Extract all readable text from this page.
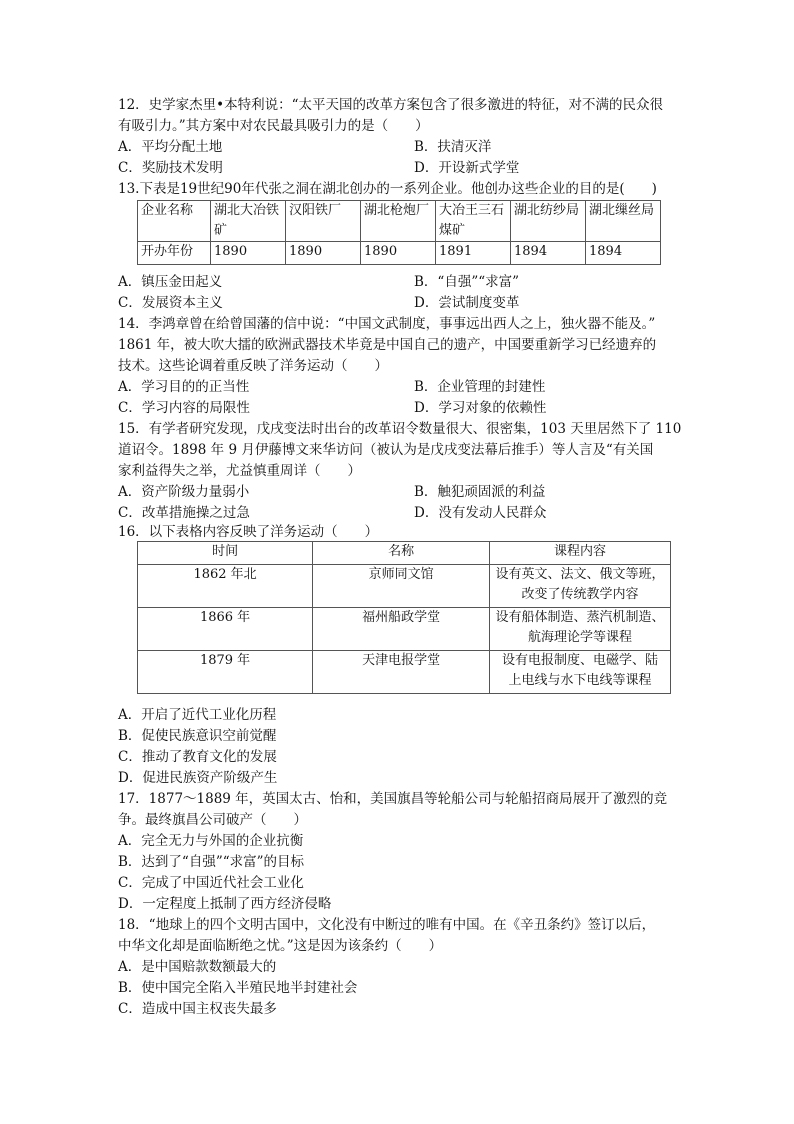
12．史学家杰里•本特利说：“太平天国的改革方案包含了很多激进的特征，对不满的民众很
有吸引力。”其方案中对农民最具吸引力的是（　　）
A．平均分配土地	B．扶清灭洋
C．奖励技术发明	D．开设新式学堂
13.下表是19世纪90年代张之洞在湖北创办的一系列企业。他创办这些企业的目的是(　　)
企业名称	湖北大冶铁矿	汉阳铁厂	湖北枪炮厂	大冶王三石煤矿	湖北纺纱局	湖北缫丝局
开办年份	1890	1890	1890	1891	1894	1894
A．镇压金田起义	B．“自强”“求富”
C．发展资本主义	D．尝试制度变革
14．李鸿章曾在给曾国藩的信中说：“中国文武制度，事事远出西人之上，独火器不能及。”
1861 年，被大吹大擂的欧洲武器技术毕竟是中国自己的遗产，中国要重新学习已经遗弃的
技术。这些论调着重反映了洋务运动（　　）
A．学习目的的正当性	B．企业管理的封建性
C．学习内容的局限性	D．学习对象的依赖性
15．有学者研究发现，戊戌变法时出台的改革诏令数量很大、很密集，103 天里居然下了 110
道诏令。1898 年 9 月伊藤博文来华访问（被认为是戊戌变法幕后推手）等人言及“有关国
家利益得失之举，尤益慎重周详（　　）
A．资产阶级力量弱小	B．触犯顽固派的利益
C．改革措施操之过急	D．没有发动人民群众
16．以下表格内容反映了洋务运动（　　）
时间	名称	课程内容
1862 年北	京师同文馆	设有英文、法文、俄文等班，
改变了传统教学内容

1866 年	福州船政学堂	设有船体制造、蒸汽机制造、
航海理论学等课程

1879 年	天津电报学堂	设有电报制度、电磁学、陆
上电线与水下电线等课程
A．开启了近代工业化历程
B．促使民族意识空前觉醒
C．推动了教育文化的发展
D．促进民族资产阶级产生
17．1877～1889 年，英国太古、怡和，美国旗昌等轮船公司与轮船招商局展开了激烈的竞
争。最终旗昌公司破产（　　）
A．完全无力与外国的企业抗衡
B．达到了“自强”“求富”的目标
C．完成了中国近代社会工业化
D．一定程度上抵制了西方经济侵略
18．“地球上的四个文明古国中，文化没有中断过的唯有中国。在《辛丑条约》签订以后，
中华文化却是面临断绝之忧。”这是因为该条约（　　）
A．是中国赔款数额最大的
B．使中国完全陷入半殖民地半封建社会
C．造成中国主权丧失最多
